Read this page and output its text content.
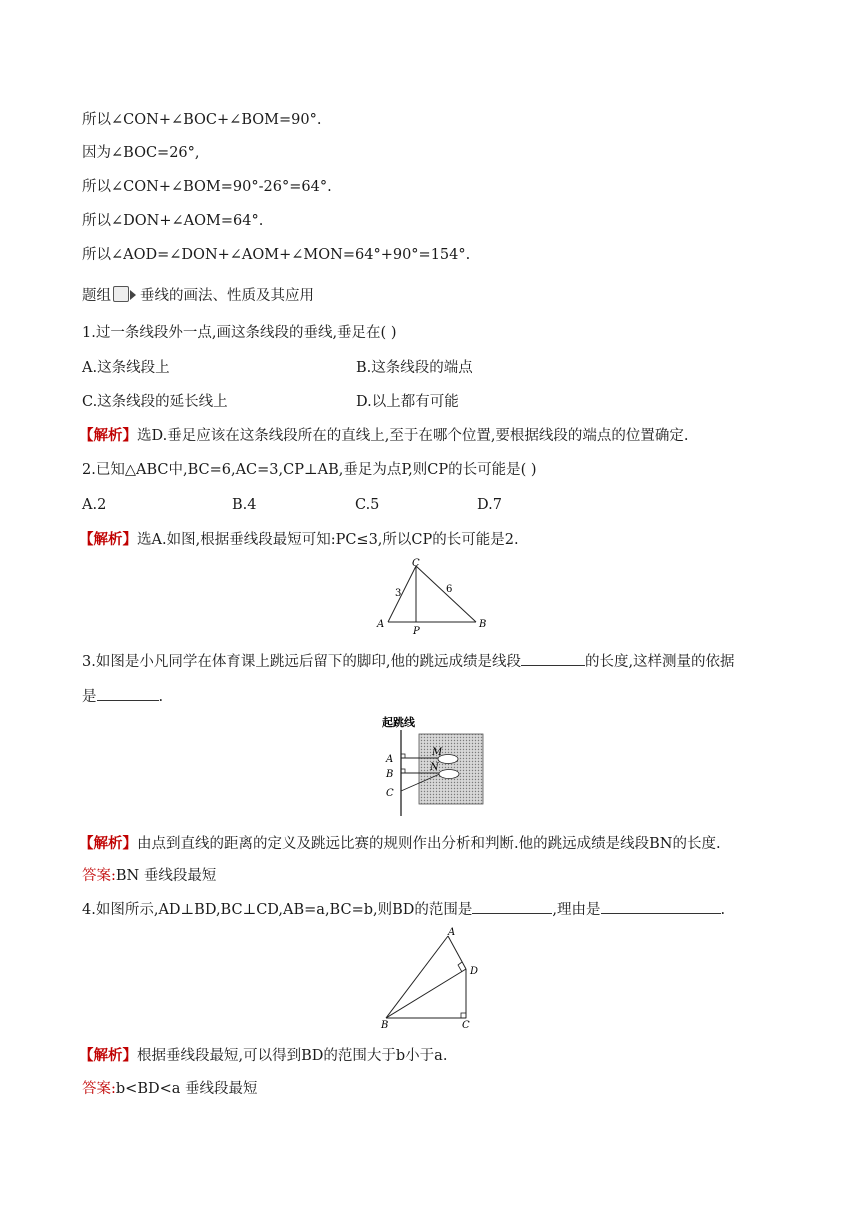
所以∠CON+∠BOC+∠BOM=90°.
因为∠BOC=26°,
所以∠CON+∠BOM=90°-26°=64°.
所以∠DON+∠AOM=64°.
所以∠AOD=∠DON+∠AOM+∠MON=64°+90°=154°.
题组 垂线的画法、性质及其应用
1.过一条线段外一点,画这条线段的垂线,垂足在( )
A.这条线段上	B.这条线段的端点
C.这条线段的延长线上	D.以上都有可能
【解析】选D.垂足应该在这条线段所在的直线上,至于在哪个位置,要根据线段的端点的位置确定.
2.已知△ABC中,BC=6,AC=3,CP⊥AB,垂足为点P,则CP的长可能是( )
A.2	B.4	C.5	D.7
【解析】选A.如图,根据垂线段最短可知:PC≤3,所以CP的长可能是2.
C
A
P
B
3	6
3.如图是小凡同学在体育课上跳远后留下的脚印,他的跳远成绩是线段	的长度,这样测量的依据
是	.
起跳线
A
B
C
M
N
【解析】由点到直线的距离的定义及跳远比赛的规则作出分析和判断.他的跳远成绩是线段BN的长度.
答案:BN 垂线段最短
4.如图所示,AD⊥BD,BC⊥CD,AB=a,BC=b,则BD的范围是	,理由是	.
A
D
B	C
【解析】根据垂线段最短,可以得到BD的范围大于b小于a.
答案:b<BD<a 垂线段最短
